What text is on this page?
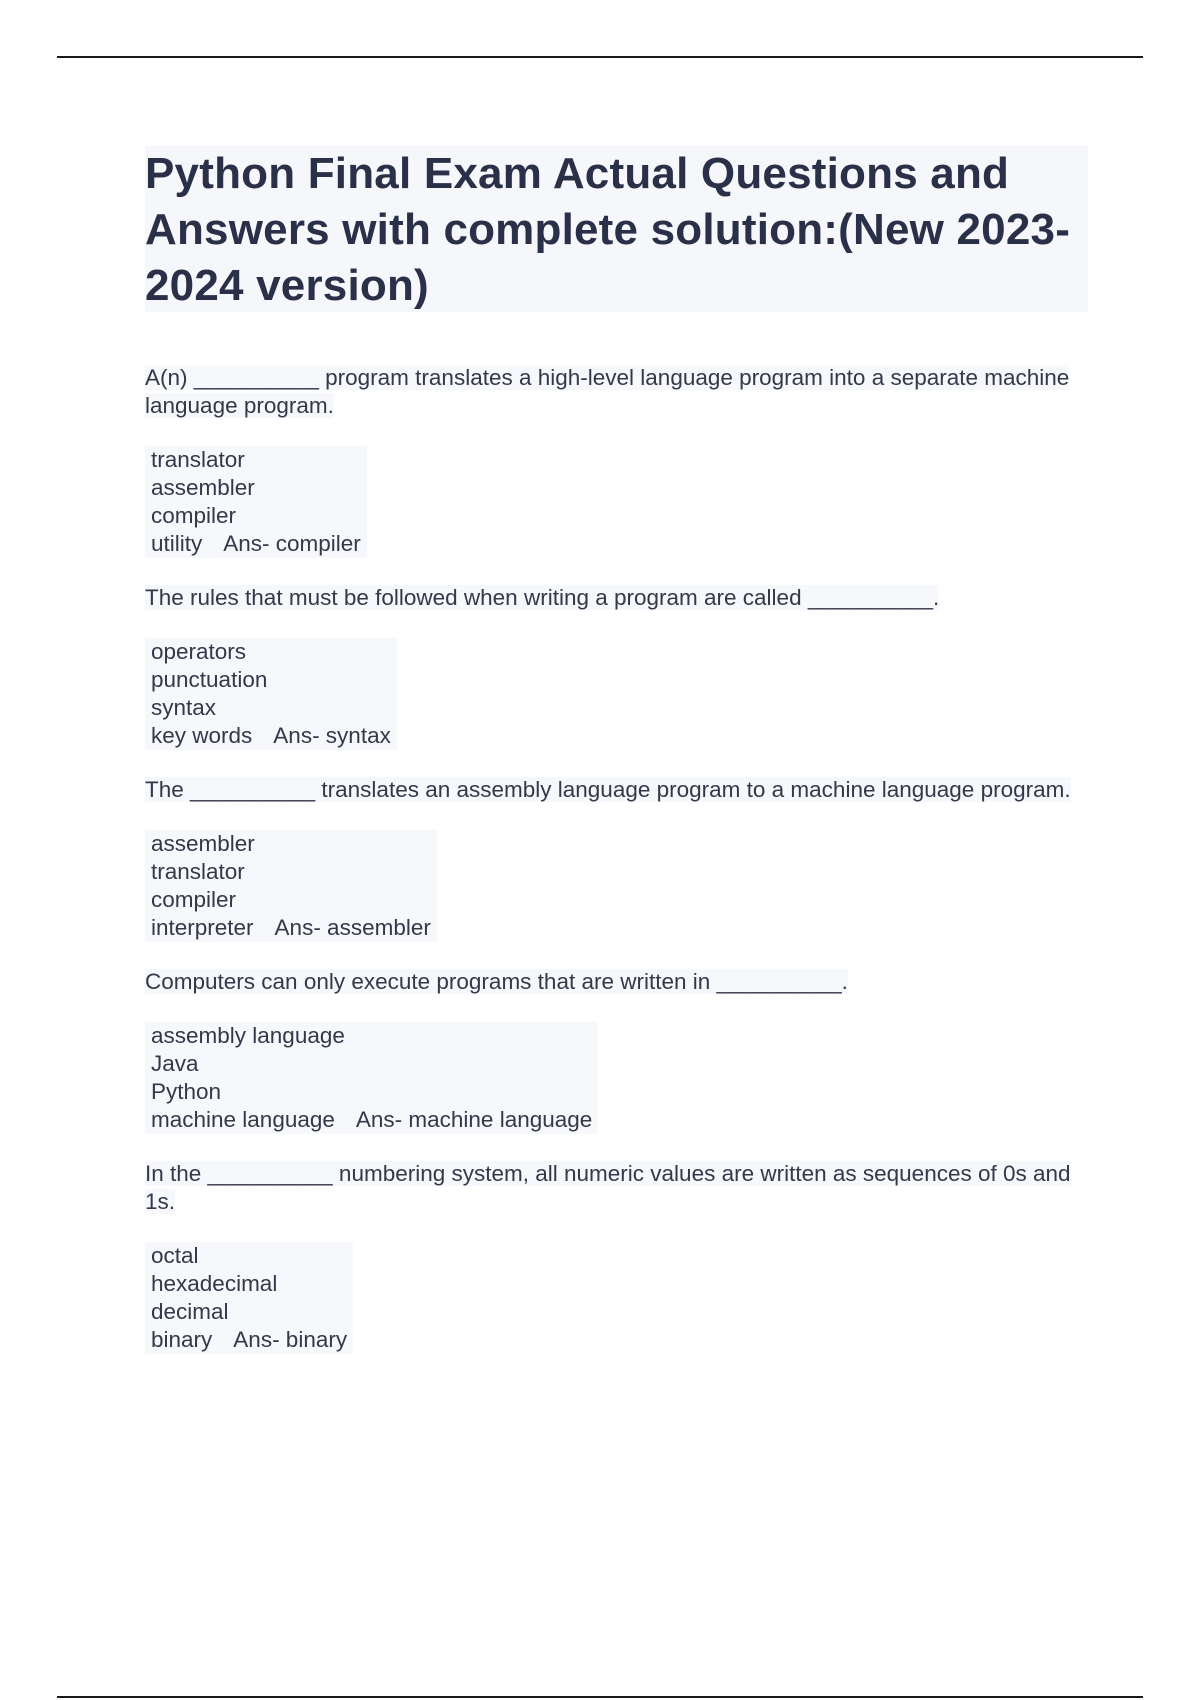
Python Final Exam Actual Questions and Answers with complete solution:(New 2023-2024 version)
A(n) __________ program translates a high-level language program into a separate machine language program.
translator
assembler
compiler
utility Ans- compiler
The rules that must be followed when writing a program are called __________.
operators
punctuation
syntax
key words Ans- syntax
The __________ translates an assembly language program to a machine language program.
assembler
translator
compiler
interpreter Ans- assembler
Computers can only execute programs that are written in __________.
assembly language
Java
Python
machine language Ans- machine language
In the __________ numbering system, all numeric values are written as sequences of 0s and 1s.
octal
hexadecimal
decimal
binary Ans- binary
